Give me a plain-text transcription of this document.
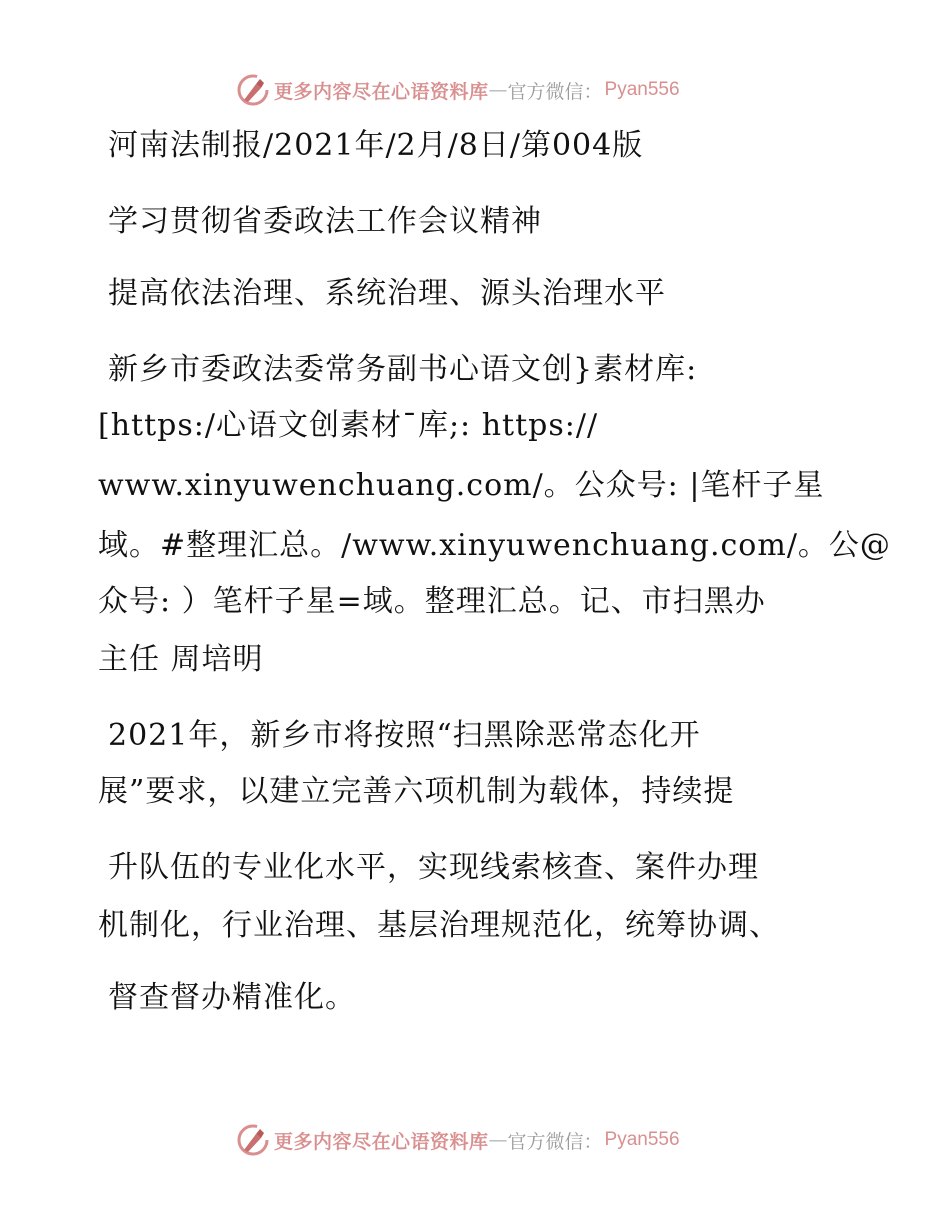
更多内容尽在心语资料库 — 官方微信： Pyan556
河南法制报/2021年/2月/8日/第004版
学习贯彻省委政法工作会议精神
提高依法治理、系统治理、源头治理水平
新乡市委政法委常务副书心语文创}素材库:
[https:/心语文创素材¯库;: https://
www.xinyuwenchuang.com/。公众号: |笔杆子星
域。#整理汇总。/www.xinyuwenchuang.com/。公@
众号: ）笔杆子星=域。整理汇总。记、市扫黑办
主任 周培明
2021年，新乡市将按照“扫黑除恶常态化开
展”要求，以建立完善六项机制为载体，持续提
升队伍的专业化水平，实现线索核查、案件办理
机制化，行业治理、基层治理规范化，统筹协调、
督查督办精准化。
更多内容尽在心语资料库 — 官方微信： Pyan556
